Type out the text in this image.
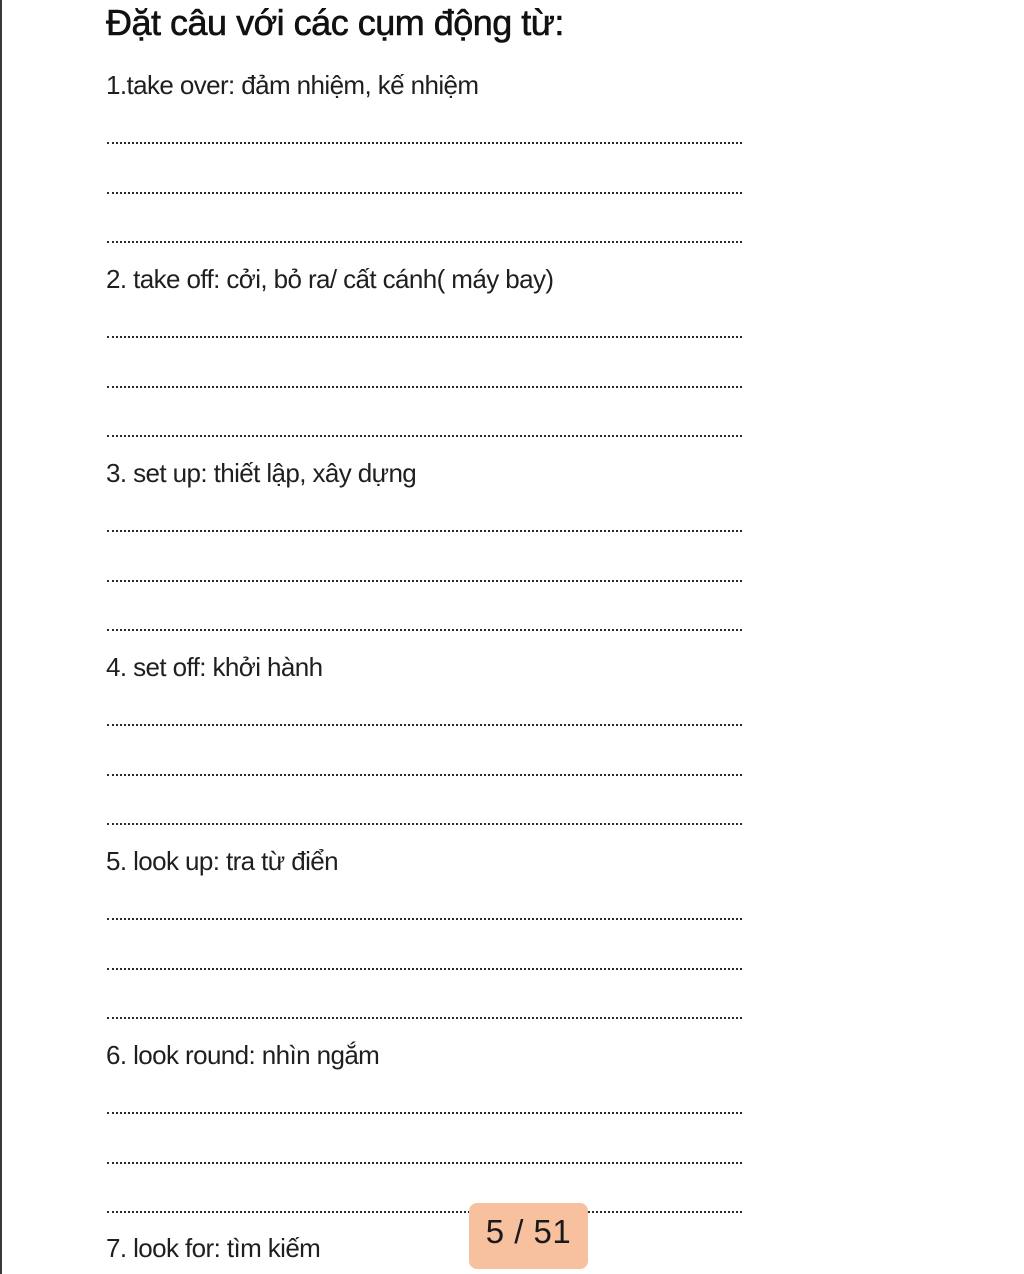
Đặt câu với các cụm động từ:
1.take over: đảm nhiệm, kế nhiệm
2. take off: cởi, bỏ ra/ cất cánh( máy bay)
3. set up: thiết lập, xây dựng
4. set off: khởi hành
5. look up: tra từ điển
6. look round: nhìn ngắm
7. look for: tìm kiếm	5 / 51
